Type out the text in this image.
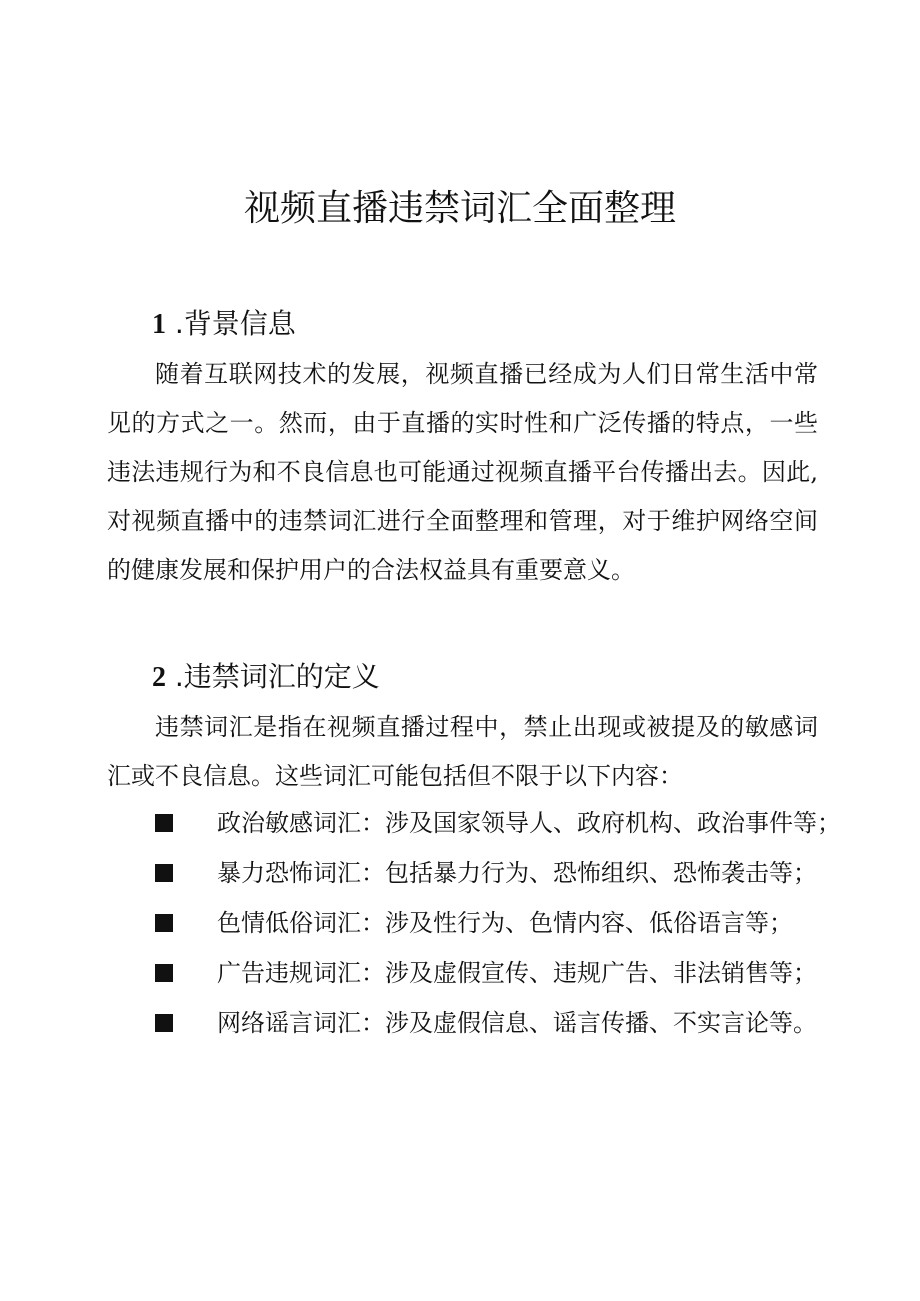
视频直播违禁词汇全面整理
1 .背景信息

随着互联网技术的发展，视频直播已经成为人们日常生活中常见的方式之一。然而，由于直播的实时性和广泛传播的特点，一些违法违规行为和不良信息也可能通过视频直播平台传播出去。因此,对视频直播中的违禁词汇进行全面整理和管理，对于维护网络空间的健康发展和保护用户的合法权益具有重要意义。

2 .违禁词汇的定义

违禁词汇是指在视频直播过程中，禁止出现或被提及的敏感词汇或不良信息。这些词汇可能包括但不限于以下内容：

政治敏感词汇：涉及国家领导人、政府机构、政治事件等；
暴力恐怖词汇：包括暴力行为、恐怖组织、恐怖袭击等；
色情低俗词汇：涉及性行为、色情内容、低俗语言等；
广告违规词汇：涉及虚假宣传、违规广告、非法销售等；
网络谣言词汇：涉及虚假信息、谣言传播、不实言论等。
